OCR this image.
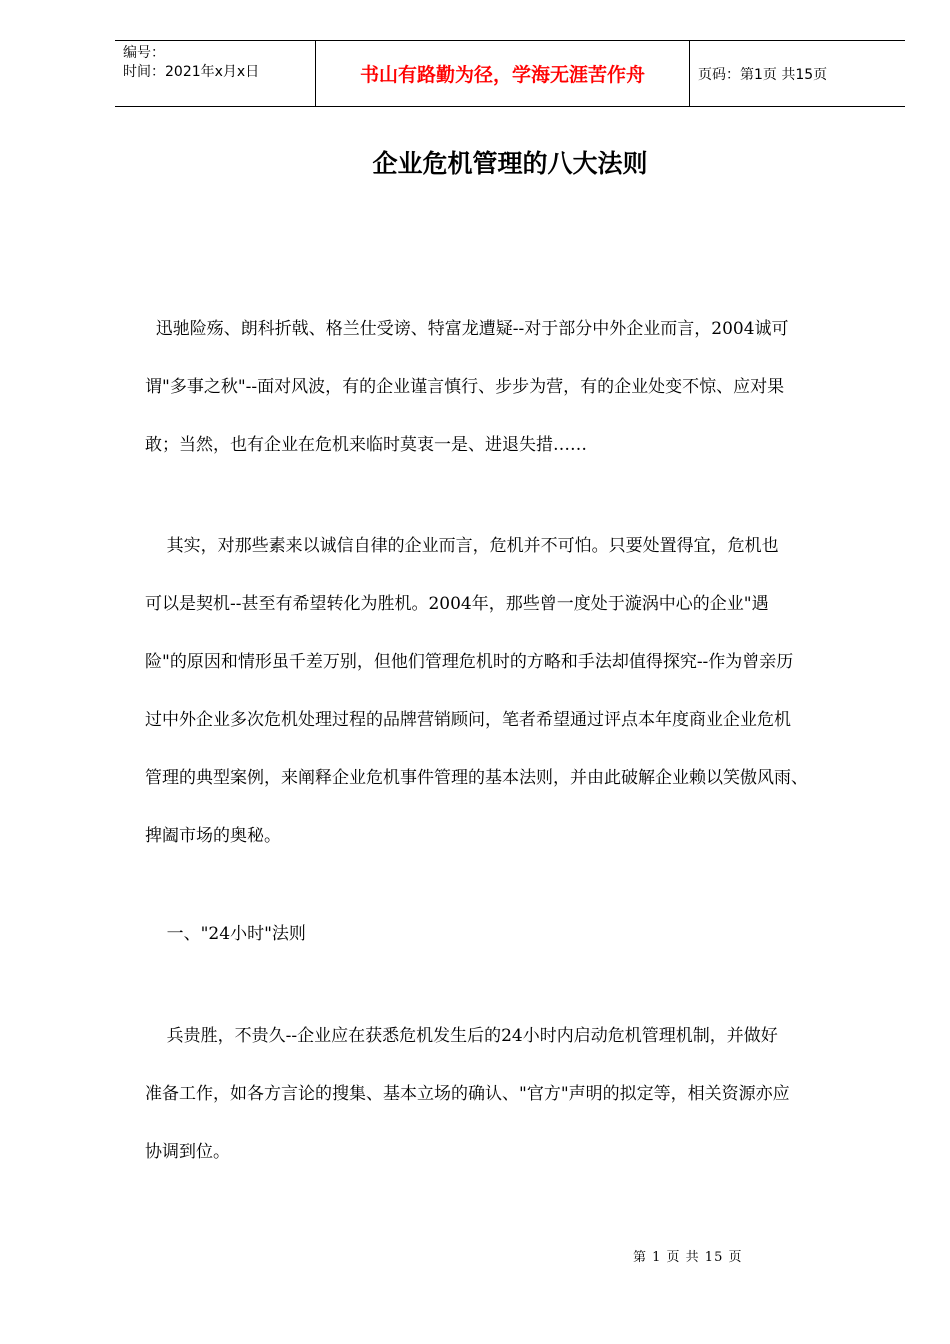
编号：
时间：2021年x月x日	书山有路勤为径，学海无涯苦作舟	页码：第1页 共15页
企业危机管理的八大法则
迅驰险殇、朗科折戟、格兰仕受谤、特富龙遭疑--对于部分中外企业而言，2004诚可
谓"多事之秋"--面对风波，有的企业谨言慎行、步步为营，有的企业处变不惊、应对果
敢；当然，也有企业在危机来临时莫衷一是、进退失措……
其实，对那些素来以诚信自律的企业而言，危机并不可怕。只要处置得宜，危机也
可以是契机--甚至有希望转化为胜机。2004年，那些曾一度处于漩涡中心的企业"遇
险"的原因和情形虽千差万别，但他们管理危机时的方略和手法却值得探究--作为曾亲历
过中外企业多次危机处理过程的品牌营销顾问，笔者希望通过评点本年度商业企业危机
管理的典型案例，来阐释企业危机事件管理的基本法则，并由此破解企业赖以笑傲风雨、
捭阖市场的奥秘。
一、"24小时"法则
兵贵胜，不贵久--企业应在获悉危机发生后的24小时内启动危机管理机制，并做好
准备工作，如各方言论的搜集、基本立场的确认、"官方"声明的拟定等，相关资源亦应
协调到位。
第 1 页 共 15 页
